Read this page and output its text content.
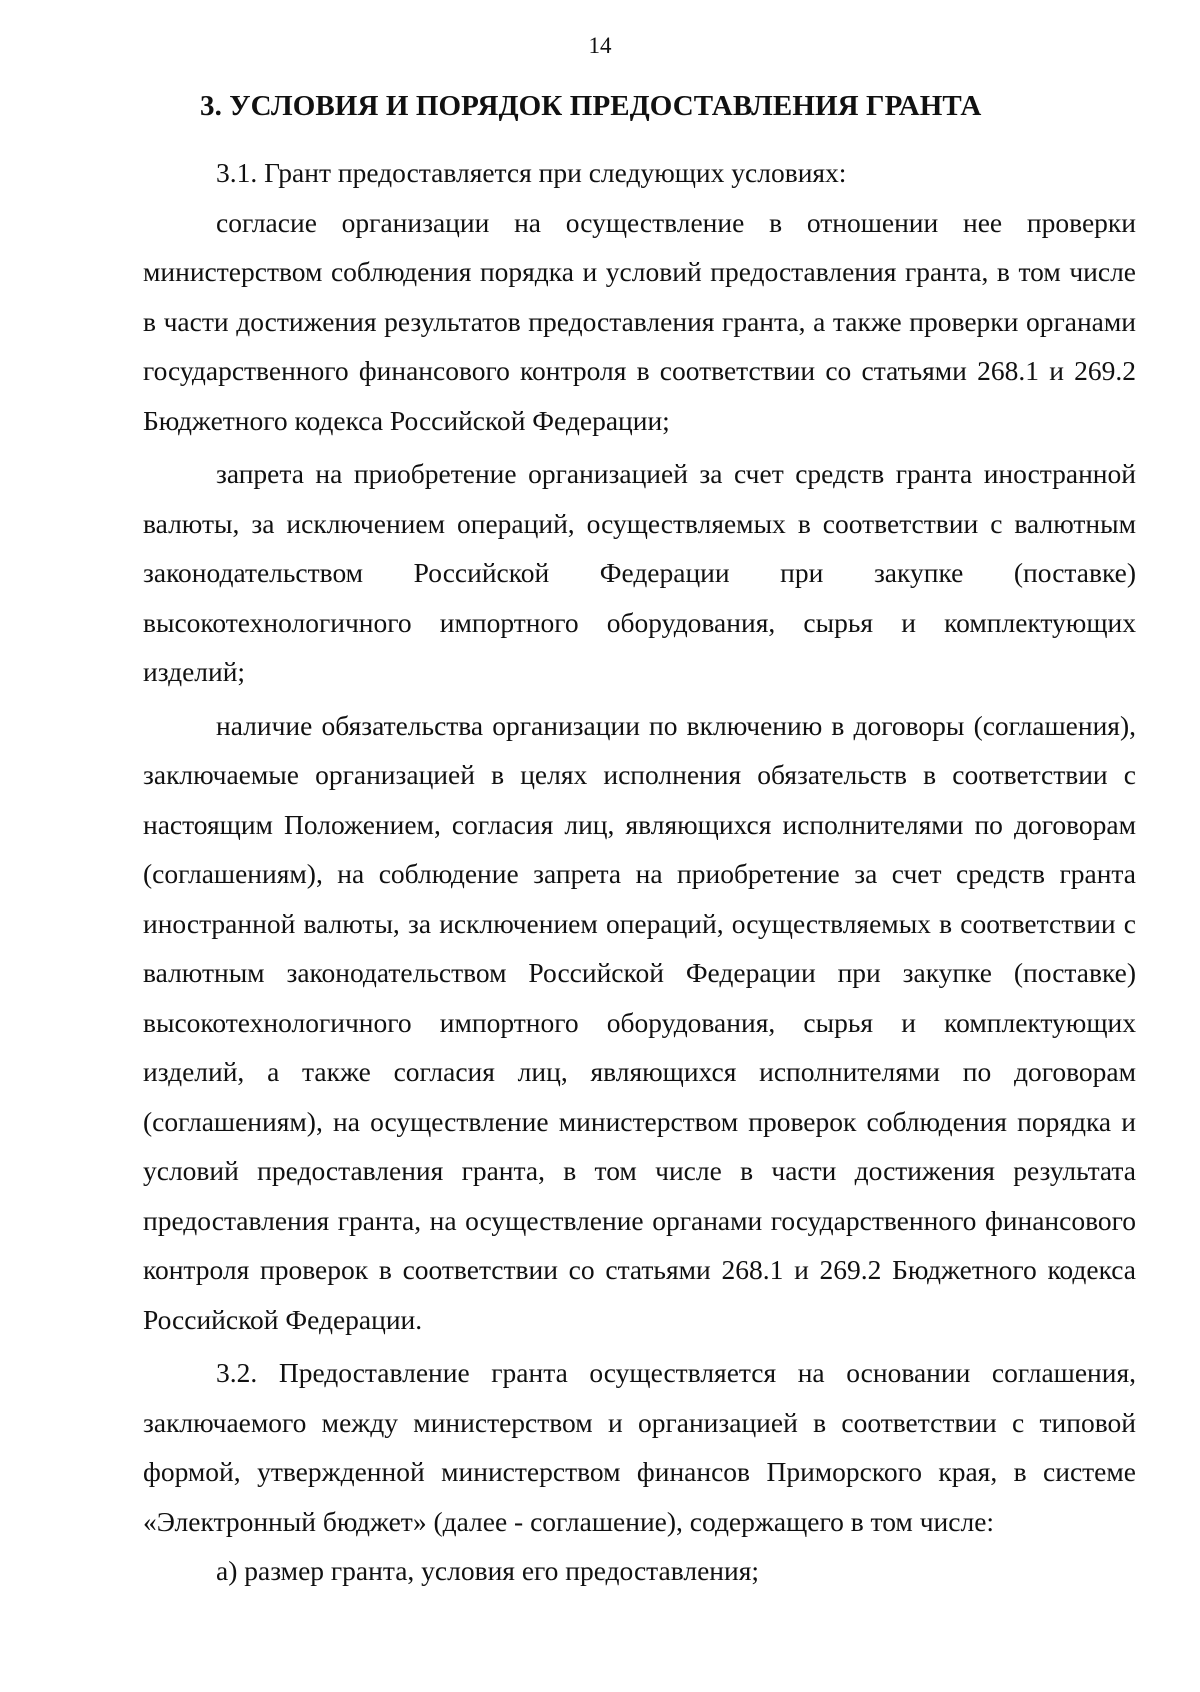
14
3. УСЛОВИЯ И ПОРЯДОК ПРЕДОСТАВЛЕНИЯ ГРАНТА

3.1. Грант предоставляется при следующих условиях:

согласие организации на осуществление в отношении нее проверки министерством соблюдения порядка и условий предоставления гранта, в том числе в части достижения результатов предоставления гранта, а также проверки органами государственного финансового контроля в соответствии со статьями 268.1 и 269.2 Бюджетного кодекса Российской Федерации;

запрета на приобретение организацией за счет средств гранта иностранной валюты, за исключением операций, осуществляемых в соответствии с валютным законодательством Российской Федерации при закупке (поставке) высокотехнологичного импортного оборудования, сырья и комплектующих изделий;

наличие обязательства организации по включению в договоры (соглашения), заключаемые организацией в целях исполнения обязательств в соответствии с настоящим Положением, согласия лиц, являющихся исполнителями по договорам (соглашениям), на соблюдение запрета на приобретение за счет средств гранта иностранной валюты, за исключением операций, осуществляемых в соответствии с валютным законодательством Российской Федерации при закупке (поставке) высокотехнологичного импортного оборудования, сырья и комплектующих изделий, а также согласия лиц, являющихся исполнителями по договорам (соглашениям), на осуществление министерством проверок соблюдения порядка и условий предоставления гранта, в том числе в части достижения результата предоставления гранта, на осуществление органами государственного финансового контроля проверок в соответствии со статьями 268.1 и 269.2 Бюджетного кодекса Российской Федерации.

3.2. Предоставление гранта осуществляется на основании соглашения, заключаемого между министерством и организацией в соответствии с типовой формой, утвержденной министерством финансов Приморского края, в системе «Электронный бюджет» (далее - соглашение), содержащего в том числе:

а) размер гранта, условия его предоставления;
